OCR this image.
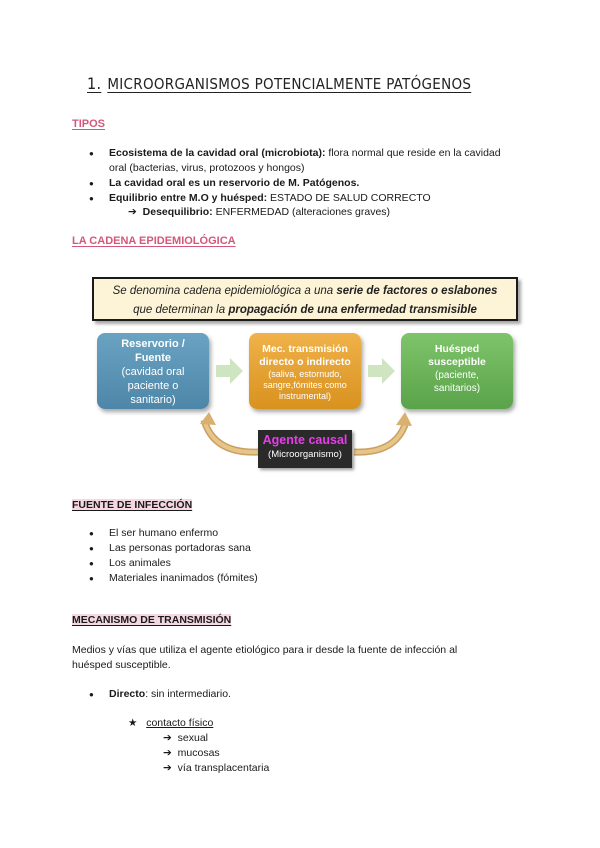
1. MICROORGANISMOS POTENCIALMENTE PATÓGENOS
TIPOS
● Ecosistema de la cavidad oral (microbiota): flora normal que reside en la cavidad
oral (bacterias, virus, protozoos y hongos)
● La cavidad oral es un reservorio de M. Patógenos.
● Equilibrio entre M.O y huésped: ESTADO DE SALUD CORRECTO
➔ Desequilibrio: ENFERMEDAD (alteraciones graves)
LA CADENA EPIDEMIOLÓGICA
Se denomina cadena epidemiológica a una serie de factores o eslabones
que determinan la propagación de una enfermedad transmisible
Reservorio /
Fuente
(cavidad oral
paciente o
sanitario)
Mec. transmisión
directo o indirecto
(saliva, estornudo,
sangre,fómites como
instrumental)
Huésped
susceptible
(paciente,
sanitarios)
Agente causal
(Microorganismo)
FUENTE DE INFECCIÓN
● El ser humano enfermo
● Las personas portadoras sana
● Los animales
● Materiales inanimados (fómites)
MECANISMO DE TRANSMISIÓN
Medios y vías que utiliza el agente etiológico para ir desde la fuente de infección al
huésped susceptible.
● Directo: sin intermediario.
★ contacto físico
➔ sexual
➔ mucosas
➔ vía transplacentaria
